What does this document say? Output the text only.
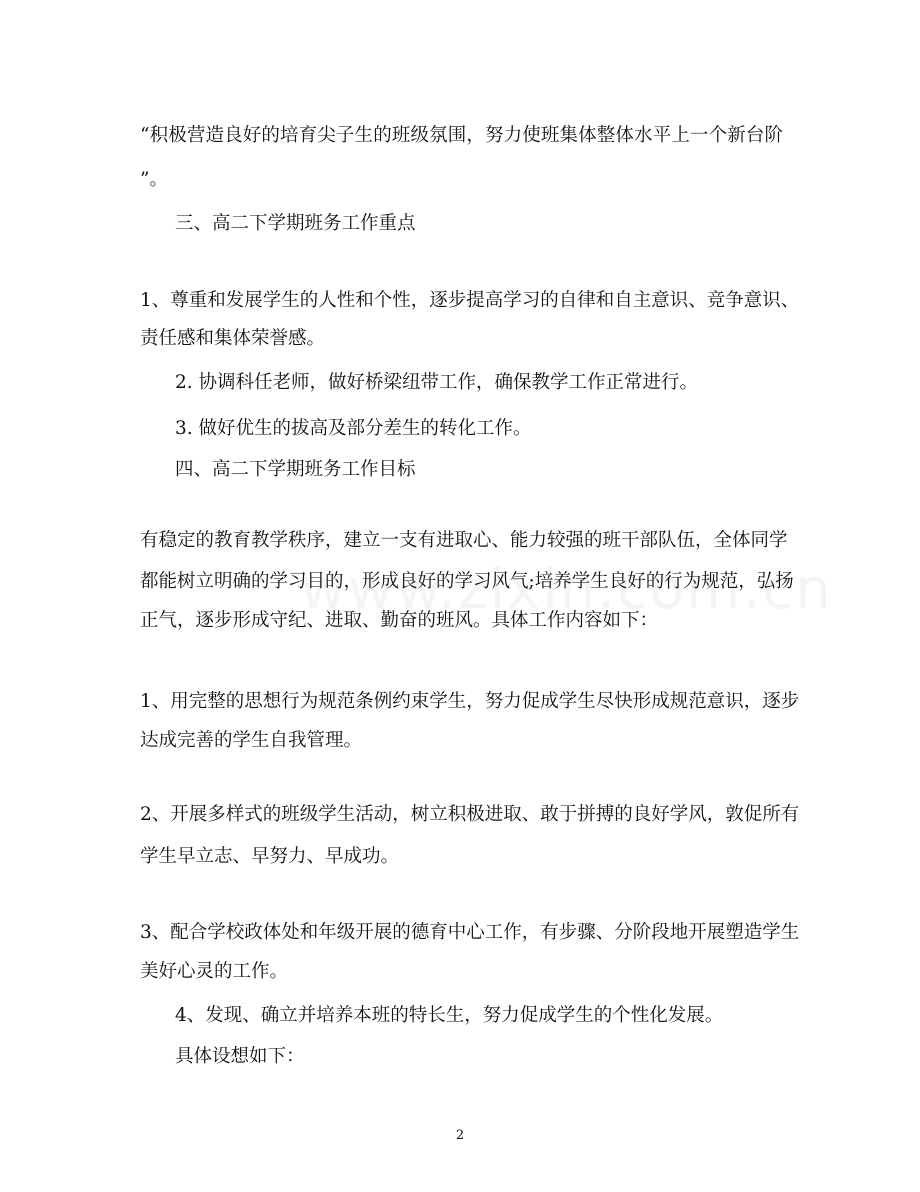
“积极营造良好的培育尖子生的班级氛围，努力使班集体整体水平上一个新台阶

”。

三、高二下学期班务工作重点

1、尊重和发展学生的人性和个性，逐步提高学习的自律和自主意识、竞争意识、

责任感和集体荣誉感。

2. 协调科任老师，做好桥梁纽带工作，确保教学工作正常进行。

3. 做好优生的拔高及部分差生的转化工作。

四、高二下学期班务工作目标

有稳定的教育教学秩序，建立一支有进取心、能力较强的班干部队伍，全体同学

都能树立明确的学习目的，形成良好的学习风气;培养学生良好的行为规范，弘扬

正气，逐步形成守纪、进取、勤奋的班风。具体工作内容如下：

1、用完整的思想行为规范条例约束学生，努力促成学生尽快形成规范意识，逐步

达成完善的学生自我管理。

2、开展多样式的班级学生活动，树立积极进取、敢于拼搏的良好学风，敦促所有

学生早立志、早努力、早成功。

3、配合学校政体处和年级开展的德育中心工作，有步骤、分阶段地开展塑造学生

美好心灵的工作。

4、发现、确立并培养本班的特长生，努力促成学生的个性化发展。

具体设想如下：

2
